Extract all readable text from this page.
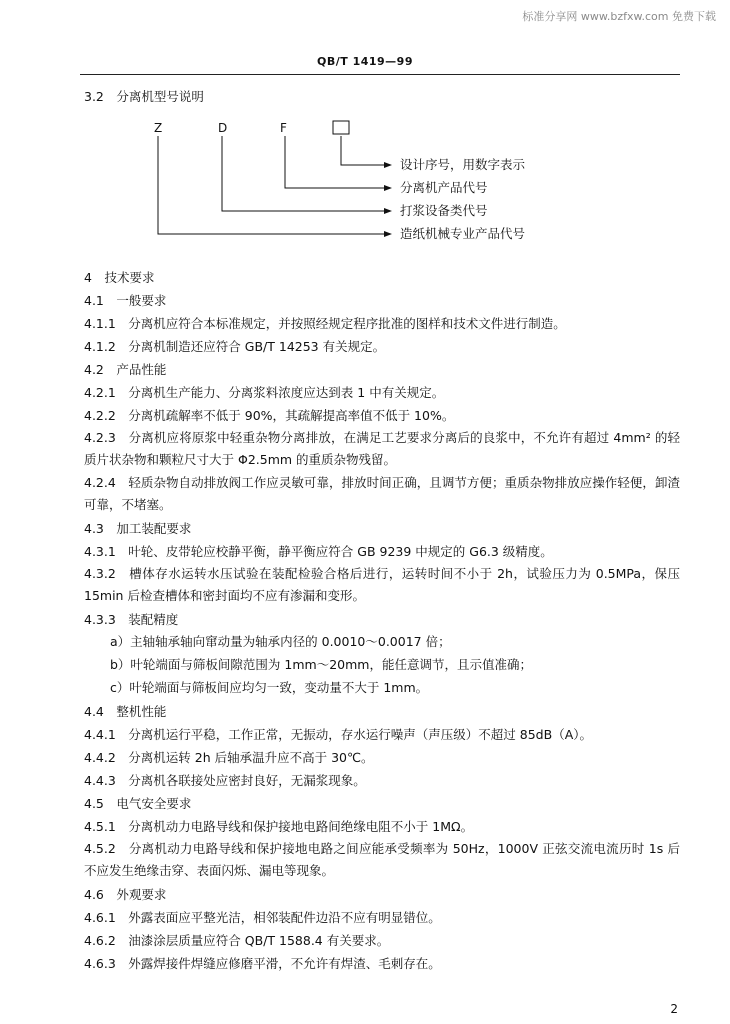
标准分享网 www.bzfxw.com 免费下载
QB/T 1419—99
3.2　分离机型号说明
Z	D	F
设计序号，用数字表示
分离机产品代号
打浆设备类代号
造纸机械专业产品代号
4　技术要求
4.1　一般要求
4.1.1　分离机应符合本标准规定，并按照经规定程序批准的图样和技术文件进行制造。
4.1.2　分离机制造还应符合 GB/T 14253 有关规定。
4.2　产品性能
4.2.1　分离机生产能力、分离浆料浓度应达到表 1 中有关规定。
4.2.2　分离机疏解率不低于 90%，其疏解提高率值不低于 10%。
4.2.3　分离机应将原浆中轻重杂物分离排放，在满足工艺要求分离后的良浆中，不允许有超过 4mm² 的轻质片状杂物和颗粒尺寸大于 Φ2.5mm 的重质杂物残留。
4.2.4　轻质杂物自动排放阀工作应灵敏可靠，排放时间正确，且调节方便；重质杂物排放应操作轻便，卸渣可靠，不堵塞。
4.3　加工装配要求
4.3.1　叶轮、皮带轮应校静平衡，静平衡应符合 GB 9239 中规定的 G6.3 级精度。
4.3.2　槽体存水运转水压试验在装配检验合格后进行，运转时间不小于 2h，试验压力为 0.5MPa，保压 15min 后检查槽体和密封面均不应有渗漏和变形。
4.3.3　装配精度
a）主轴轴承轴向窜动量为轴承内径的 0.0010～0.0017 倍；
b）叶轮端面与筛板间隙范围为 1mm～20mm，能任意调节，且示值准确；
c）叶轮端面与筛板间应均匀一致，变动量不大于 1mm。
4.4　整机性能
4.4.1　分离机运行平稳，工作正常，无振动，存水运行噪声（声压级）不超过 85dB（A）。
4.4.2　分离机运转 2h 后轴承温升应不高于 30℃。
4.4.3　分离机各联接处应密封良好，无漏浆现象。
4.5　电气安全要求
4.5.1　分离机动力电路导线和保护接地电路间绝缘电阻不小于 1MΩ。
4.5.2　分离机动力电路导线和保护接地电路之间应能承受频率为 50Hz，1000V 正弦交流电流历时 1s 后不应发生绝缘击穿、表面闪烁、漏电等现象。
4.6　外观要求
4.6.1　外露表面应平整光洁，相邻装配件边沿不应有明显错位。
4.6.2　油漆涂层质量应符合 QB/T 1588.4 有关要求。
4.6.3　外露焊接件焊缝应修磨平滑，不允许有焊渣、毛刺存在。
2
